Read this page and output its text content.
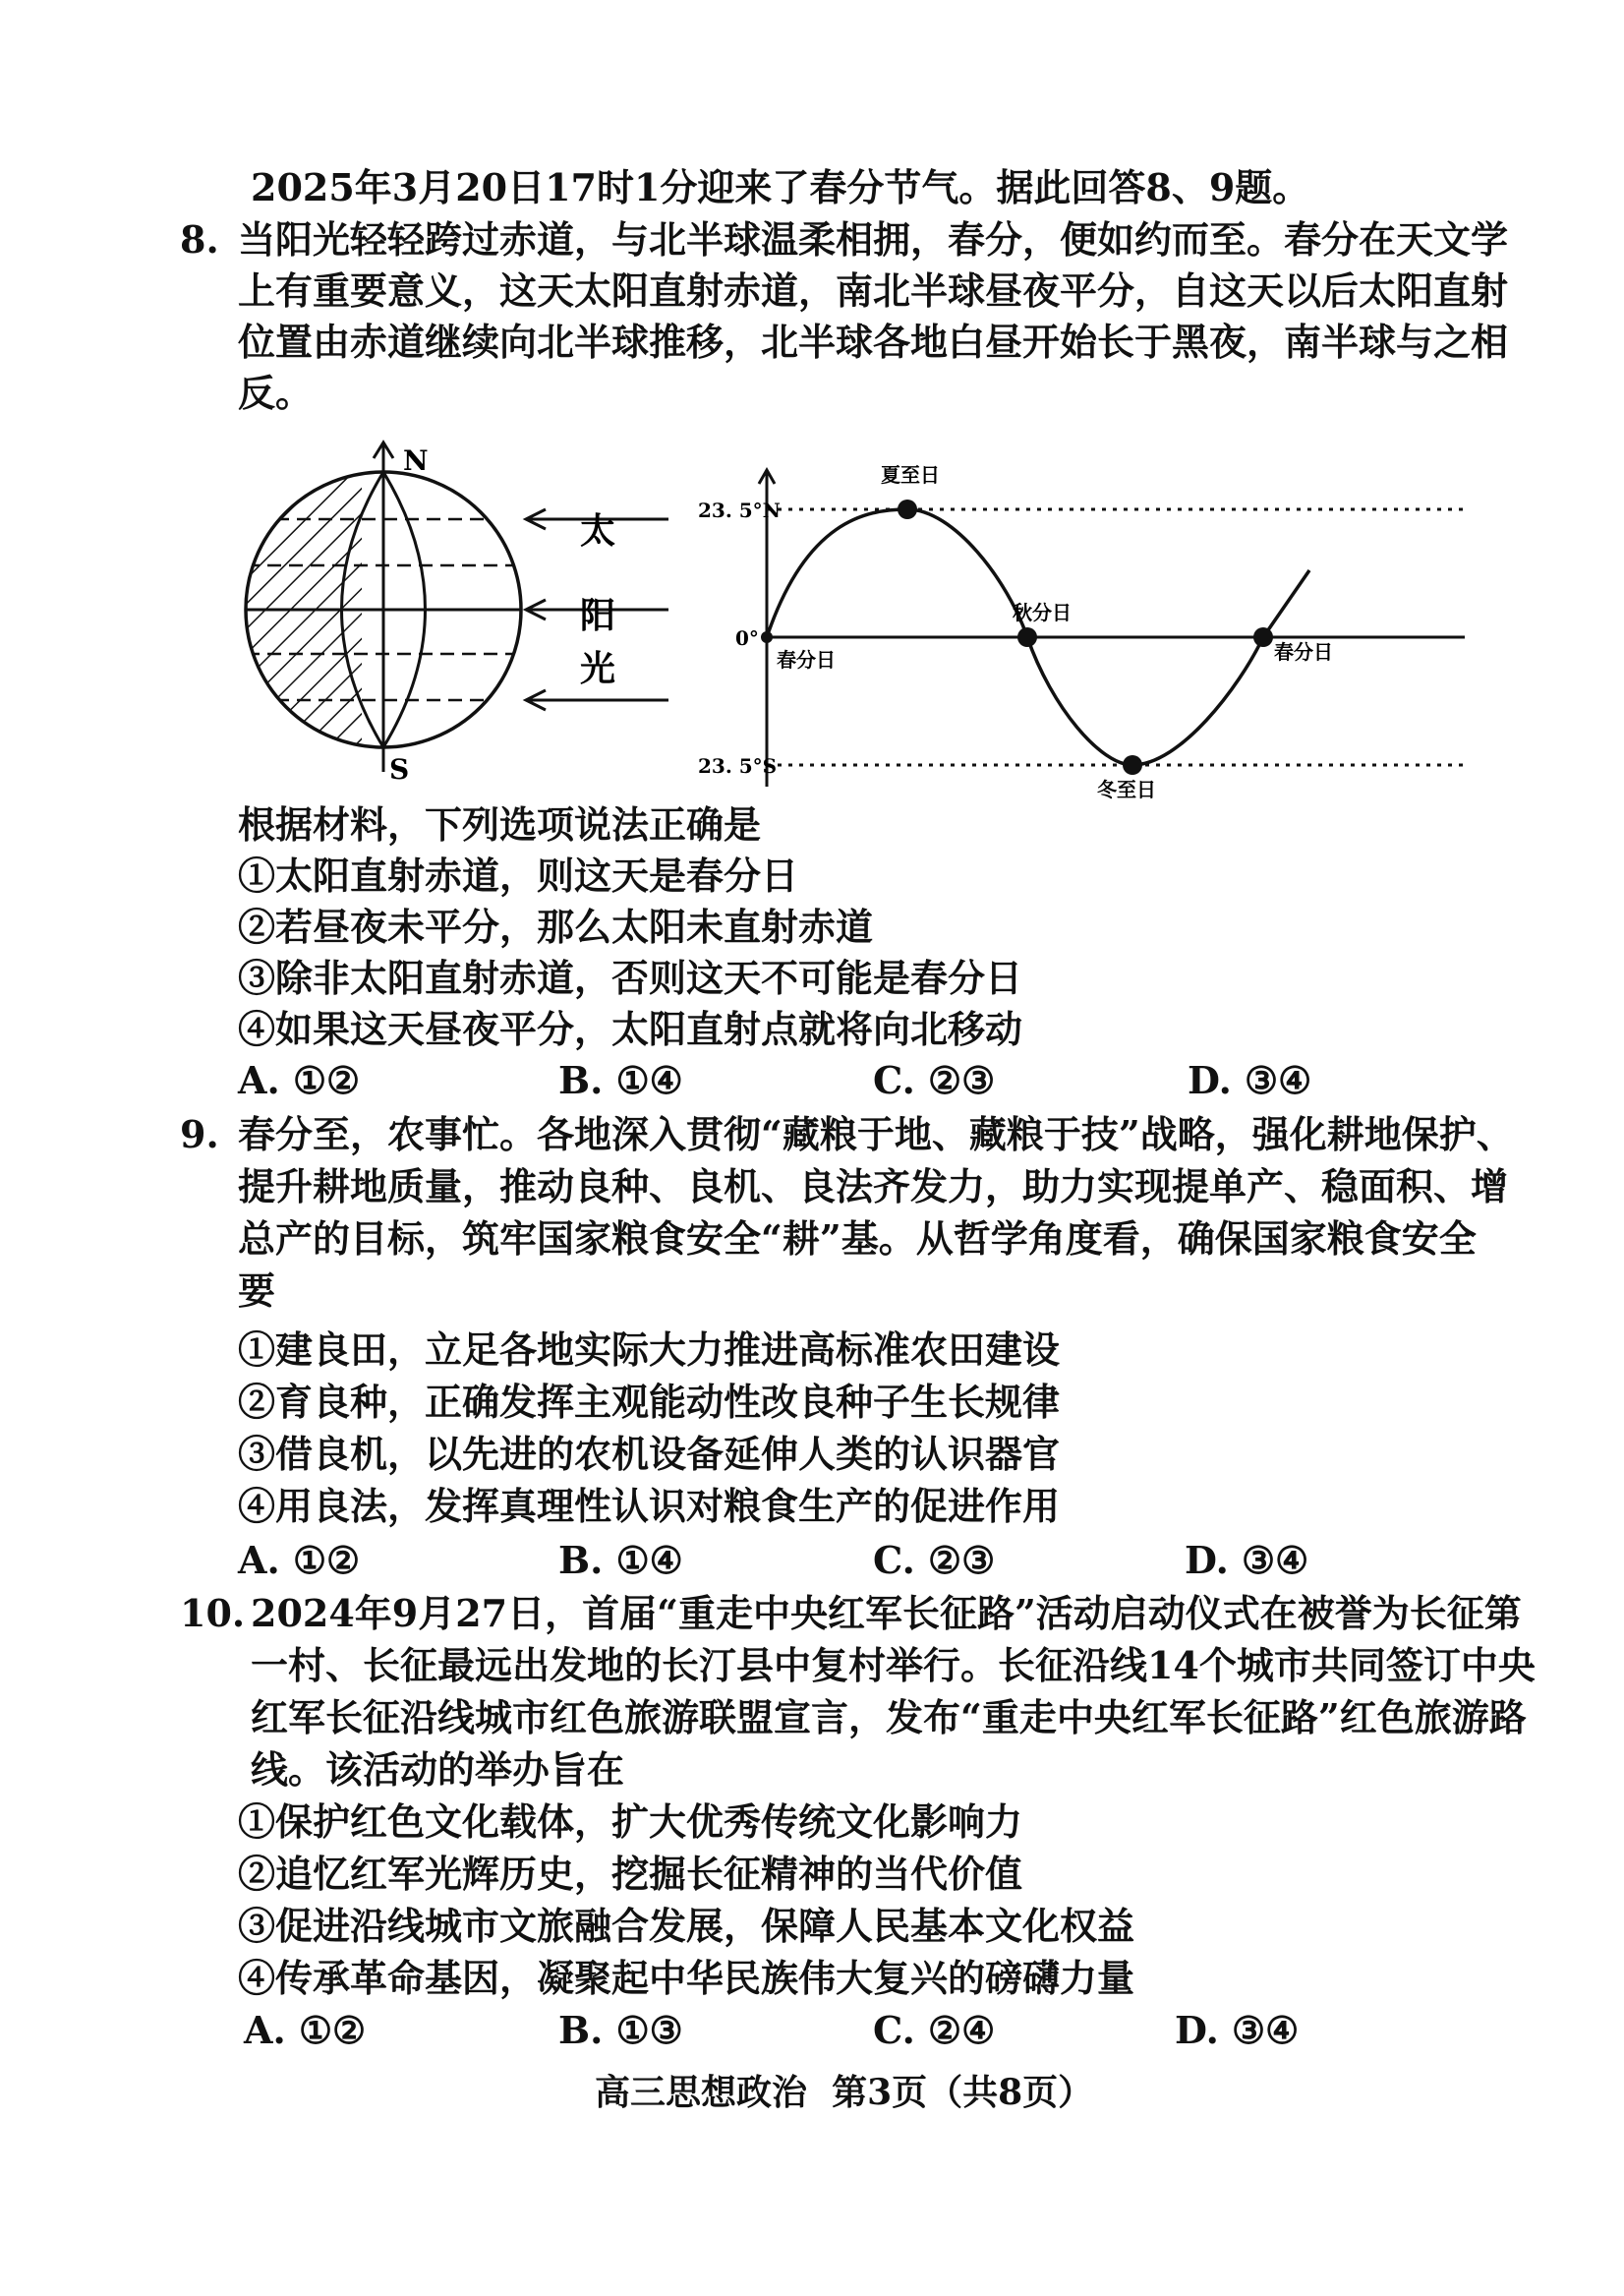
2025年3月20日17时1分迎来了春分节气。据此回答8、9题。
8. 当阳光轻轻跨过赤道，与北半球温柔相拥，春分，便如约而至。春分在天文学
上有重要意义，这天太阳直射赤道，南北半球昼夜平分，自这天以后太阳直射
位置由赤道继续向北半球推移，北半球各地白昼开始长于黑夜，南半球与之相
反。
N
S
太
阳
光
23. 5°N
0°
23. 5°S
夏至日
秋分日
春分日
冬至日
春分日
根据材料，下列选项说法正确是
①太阳直射赤道，则这天是春分日
②若昼夜未平分，那么太阳未直射赤道
③除非太阳直射赤道，否则这天不可能是春分日
④如果这天昼夜平分，太阳直射点就将向北移动
A. ①②	B. ①④	C. ②③	D. ③④
9. 春分至，农事忙。各地深入贯彻“藏粮于地、藏粮于技”战略，强化耕地保护、
提升耕地质量，推动良种、良机、良法齐发力，助力实现提单产、稳面积、增
总产的目标，筑牢国家粮食安全“耕”基。从哲学角度看，确保国家粮食安全
要
①建良田，立足各地实际大力推进高标准农田建设
②育良种，正确发挥主观能动性改良种子生长规律
③借良机，以先进的农机设备延伸人类的认识器官
④用良法，发挥真理性认识对粮食生产的促进作用
A. ①②	B. ①④	C. ②③	D. ③④
10. 2024年9月27日，首届“重走中央红军长征路”活动启动仪式在被誉为长征第
一村、长征最远出发地的长汀县中复村举行。长征沿线14个城市共同签订中央
红军长征沿线城市红色旅游联盟宣言，发布“重走中央红军长征路”红色旅游路
线。该活动的举办旨在
①保护红色文化载体，扩大优秀传统文化影响力
②追忆红军光辉历史，挖掘长征精神的当代价值
③促进沿线城市文旅融合发展，保障人民基本文化权益
④传承革命基因，凝聚起中华民族伟大复兴的磅礴力量
A. ①②	B. ①③	C. ②④	D. ③④
高三思想政治  第3页（共8页）
